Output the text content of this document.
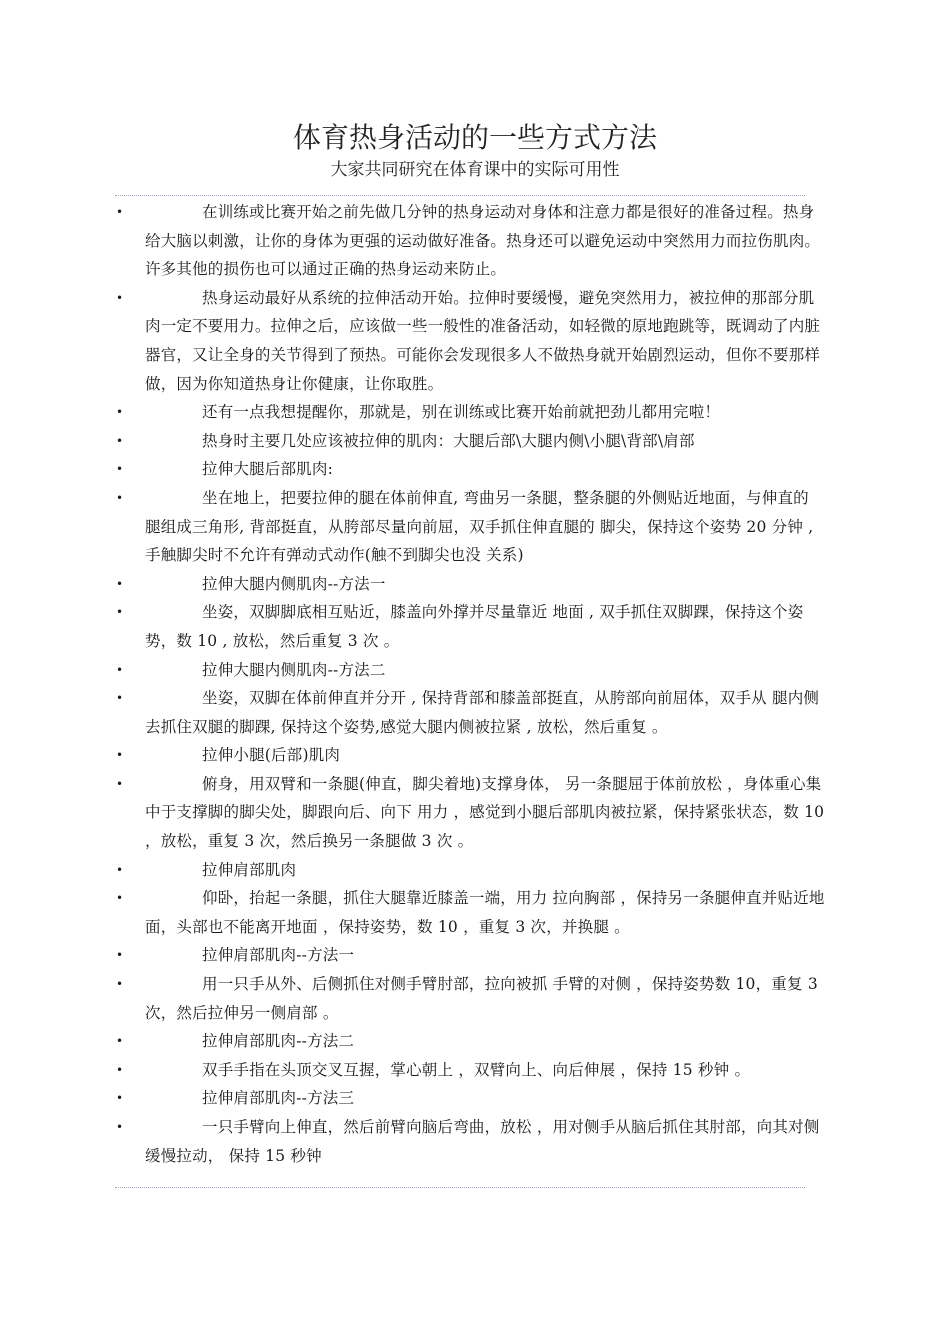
体育热身活动的一些方式方法
大家共同研究在体育课中的实际可用性
•	在训练或比赛开始之前先做几分钟的热身运动对身体和注意力都是很好的准备过程。热身给大脑以刺激，让你的身体为更强的运动做好准备。热身还可以避免运动中突然用力而拉伤肌肉。许多其他的损伤也可以通过正确的热身运动来防止。
•	热身运动最好从系统的拉伸活动开始。拉伸时要缓慢，避免突然用力，被拉伸的那部分肌肉一定不要用力。拉伸之后，应该做一些一般性的准备活动，如轻微的原地跑跳等，既调动了内脏器官，又让全身的关节得到了预热。可能你会发现很多人不做热身就开始剧烈运动，但你不要那样做，因为你知道热身让你健康，让你取胜。
•	还有一点我想提醒你，那就是，别在训练或比赛开始前就把劲儿都用完啦！
•	热身时主要几处应该被拉伸的肌肉：大腿后部\大腿内侧\小腿\背部\肩部
•	拉伸大腿后部肌肉:
•	坐在地上，把要拉伸的腿在体前伸直, 弯曲另一条腿，整条腿的外侧贴近地面，与伸直的 腿组成三角形, 背部挺直，从胯部尽量向前屈，双手抓住伸直腿的 脚尖，保持这个姿势 20 分钟 , 手触脚尖时不允许有弹动式动作(触不到脚尖也没 关系)
•	拉伸大腿内侧肌肉--方法一
•	坐姿，双脚脚底相互贴近，膝盖向外撑并尽量靠近 地面 , 双手抓住双脚踝，保持这个姿势，数 10 , 放松，然后重复 3 次 。
•	拉伸大腿内侧肌肉--方法二
•	坐姿，双脚在体前伸直并分开 , 保持背部和膝盖部挺直，从胯部向前屈体，双手从 腿内侧去抓住双腿的脚踝, 保持这个姿势,感觉大腿内侧被拉紧 , 放松，然后重复 。
•	拉伸小腿(后部)肌肉
•	俯身，用双臂和一条腿(伸直，脚尖着地)支撑身体， 另一条腿屈于体前放松 ，身体重心集中于支撑脚的脚尖处，脚跟向后、向下 用力 ，感觉到小腿后部肌肉被拉紧，保持紧张状态，数 10 ，放松，重复 3 次，然后换另一条腿做 3 次 。
•	拉伸肩部肌肉
•	仰卧，抬起一条腿，抓住大腿靠近膝盖一端，用力 拉向胸部 ，保持另一条腿伸直并贴近地面，头部也不能离开地面 ，保持姿势，数 10 ，重复 3 次，并换腿 。
•	拉伸肩部肌肉--方法一
•	用一只手从外、后侧抓住对侧手臂肘部，拉向被抓 手臂的对侧 ，保持姿势数 10，重复 3 次，然后拉伸另一侧肩部 。
•	拉伸肩部肌肉--方法二
•	双手手指在头顶交叉互握，掌心朝上 ，双臂向上、向后伸展 ，保持 15 秒钟 。
•	拉伸肩部肌肉--方法三
•	一只手臂向上伸直，然后前臂向脑后弯曲，放松 ，用对侧手从脑后抓住其肘部，向其对侧缓慢拉动， 保持 15 秒钟
